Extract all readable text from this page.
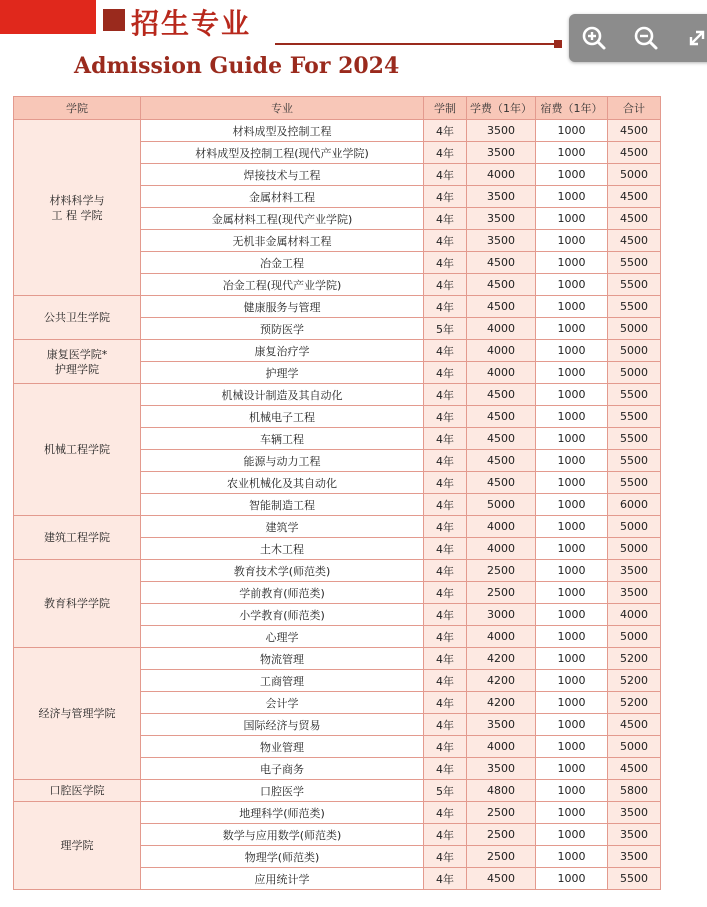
招生专业
Admission Guide For 2024
学院	专业	学制	学费（1年）	宿费（1年）	合计

材料科学与
工 程 学院	材料成型及控制工程	4年	3500	1000	4500
	材料成型及控制工程(现代产业学院)	4年	3500	1000	4500
	焊接技术与工程	4年	4000	1000	5000
	金属材料工程	4年	3500	1000	4500
	金属材料工程(现代产业学院)	4年	3500	1000	4500
	无机非金属材料工程	4年	3500	1000	4500
	冶金工程	4年	4500	1000	5500
	冶金工程(现代产业学院)	4年	4500	1000	5500

公共卫生学院	健康服务与管理	4年	4500	1000	5500
	预防医学	5年	4000	1000	5000

康复医学院*
护理学院	康复治疗学	4年	4000	1000	5000
	护理学	4年	4000	1000	5000

机械工程学院	机械设计制造及其自动化	4年	4500	1000	5500
	机械电子工程	4年	4500	1000	5500
	车辆工程	4年	4500	1000	5500
	能源与动力工程	4年	4500	1000	5500
	农业机械化及其自动化	4年	4500	1000	5500
	智能制造工程	4年	5000	1000	6000

建筑工程学院	建筑学	4年	4000	1000	5000
	土木工程	4年	4000	1000	5000

教育科学学院	教育技术学(师范类)	4年	2500	1000	3500
	学前教育(师范类)	4年	2500	1000	3500
	小学教育(师范类)	4年	3000	1000	4000
	心理学	4年	4000	1000	5000

经济与管理学院	物流管理	4年	4200	1000	5200
	工商管理	4年	4200	1000	5200
	会计学	4年	4200	1000	5200
	国际经济与贸易	4年	3500	1000	4500
	物业管理	4年	4000	1000	5000
	电子商务	4年	3500	1000	4500

口腔医学院	口腔医学	5年	4800	1000	5800

理学院	地理科学(师范类)	4年	2500	1000	3500
	数学与应用数学(师范类)	4年	2500	1000	3500
	物理学(师范类)	4年	2500	1000	3500
	应用统计学	4年	4500	1000	5500
